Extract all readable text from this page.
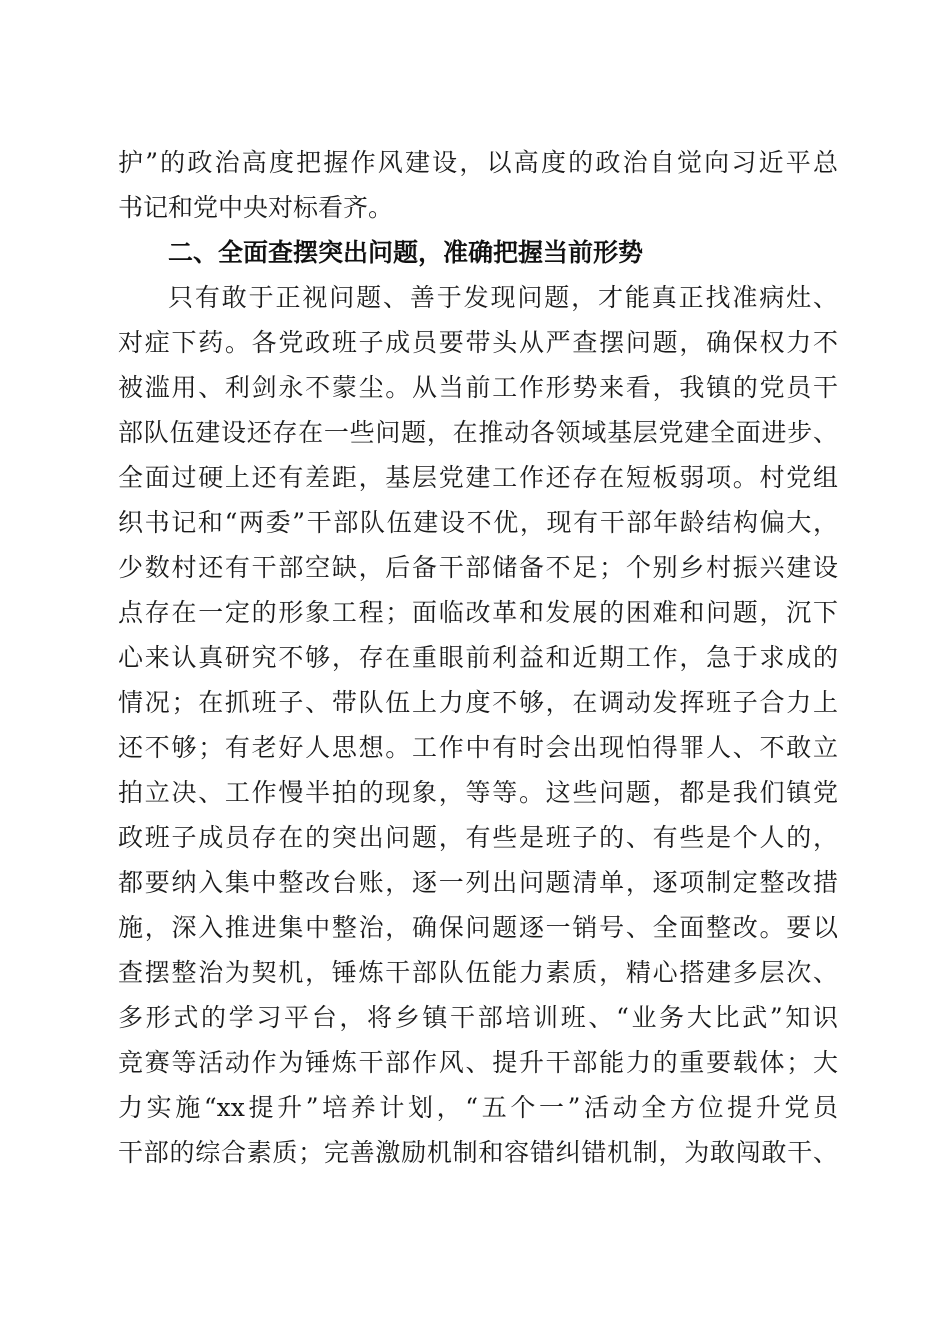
护”的政治高度把握作风建设，以高度的政治自觉向习近平总
书记和党中央对标看齐。
二、全面查摆突出问题，准确把握当前形势
只有敢于正视问题、善于发现问题，才能真正找准病灶、
对症下药。各党政班子成员要带头从严查摆问题，确保权力不
被滥用、利剑永不蒙尘。从当前工作形势来看，我镇的党员干
部队伍建设还存在一些问题，在推动各领域基层党建全面进步、
全面过硬上还有差距，基层党建工作还存在短板弱项。村党组
织书记和“两委”干部队伍建设不优，现有干部年龄结构偏大，
少数村还有干部空缺，后备干部储备不足；个别乡村振兴建设
点存在一定的形象工程；面临改革和发展的困难和问题，沉下
心来认真研究不够，存在重眼前利益和近期工作，急于求成的
情况；在抓班子、带队伍上力度不够，在调动发挥班子合力上
还不够；有老好人思想。工作中有时会出现怕得罪人、不敢立
拍立决、工作慢半拍的现象，等等。这些问题，都是我们镇党
政班子成员存在的突出问题，有些是班子的、有些是个人的，
都要纳入集中整改台账，逐一列出问题清单，逐项制定整改措
施，深入推进集中整治，确保问题逐一销号、全面整改。要以
查摆整治为契机，锤炼干部队伍能力素质，精心搭建多层次、
多形式的学习平台，将乡镇干部培训班、“业务大比武”知识
竞赛等活动作为锤炼干部作风、提升干部能力的重要载体；大
力实施“xx提升”培养计划，“五个一”活动全方位提升党员
干部的综合素质；完善激励机制和容错纠错机制，为敢闯敢干、
